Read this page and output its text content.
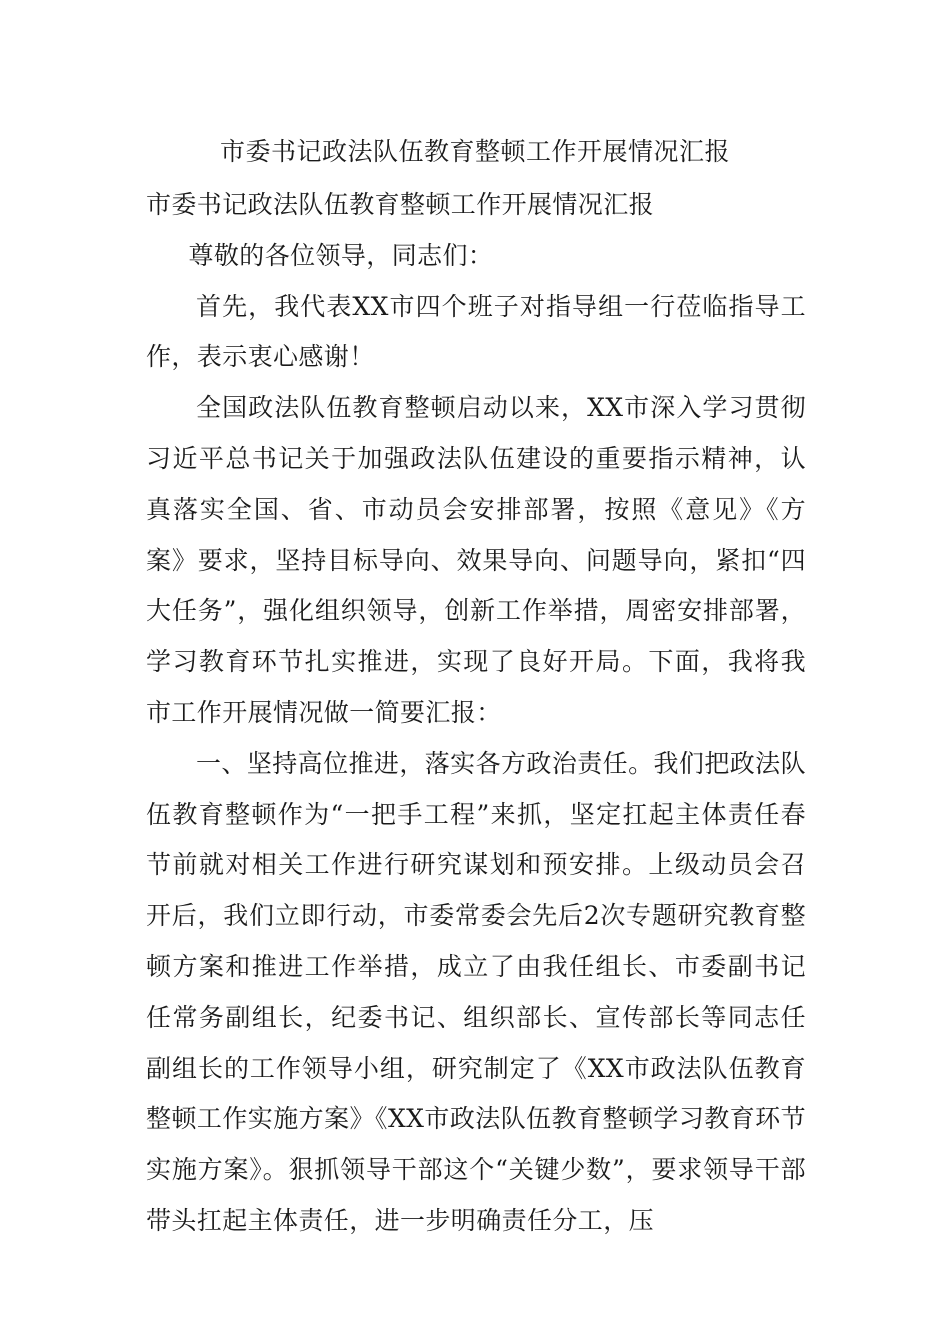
市委书记政法队伍教育整顿工作开展情况汇报

市委书记政法队伍教育整顿工作开展情况汇报

尊敬的各位领导，同志们：

首先，我代表XX市四个班子对指导组一行莅临指导工作，表示衷心感谢！

全国政法队伍教育整顿启动以来，XX市深入学习贯彻习近平总书记关于加强政法队伍建设的重要指示精神，认真落实全国、省、市动员会安排部署，按照《意见》《方案》要求，坚持目标导向、效果导向、问题导向，紧扣“四大任务”，强化组织领导，创新工作举措，周密安排部署，学习教育环节扎实推进，实现了良好开局。下面，我将我市工作开展情况做一简要汇报：

一、坚持高位推进，落实各方政治责任。我们把政法队伍教育整顿作为“一把手工程”来抓，坚定扛起主体责任春节前就对相关工作进行研究谋划和预安排。上级动员会召开后，我们立即行动，市委常委会先后2次专题研究教育整顿方案和推进工作举措，成立了由我任组长、市委副书记任常务副组长，纪委书记、组织部长、宣传部长等同志任副组长的工作领导小组，研究制定了《XX市政法队伍教育整顿工作实施方案》《XX市政法队伍教育整顿学习教育环节实施方案》。狠抓领导干部这个“关键少数”，要求领导干部带头扛起主体责任，进一步明确责任分工，压
